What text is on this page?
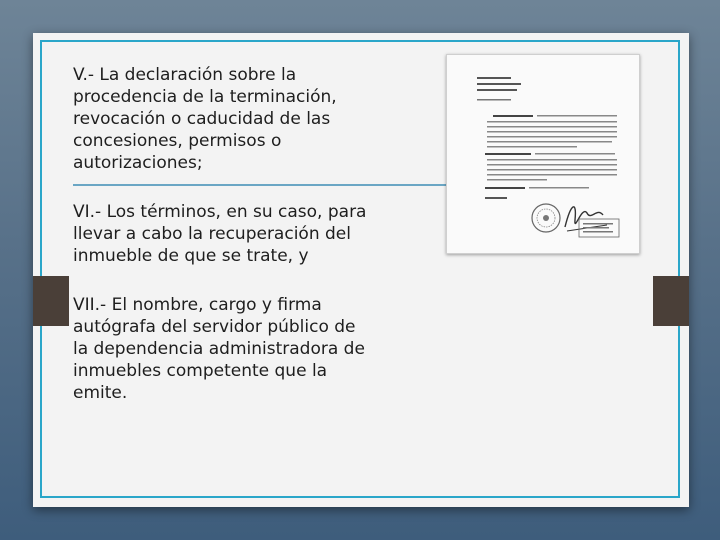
V.- La declaración sobre la procedencia de la terminación, revocación o caducidad de las concesiones, permisos o autorizaciones;

VI.- Los términos, en su caso, para llevar a cabo la recuperación del inmueble de que se trate, y

VII.- El nombre, cargo y firma autógrafa del servidor público de la dependencia administradora de inmuebles competente que la emite.
